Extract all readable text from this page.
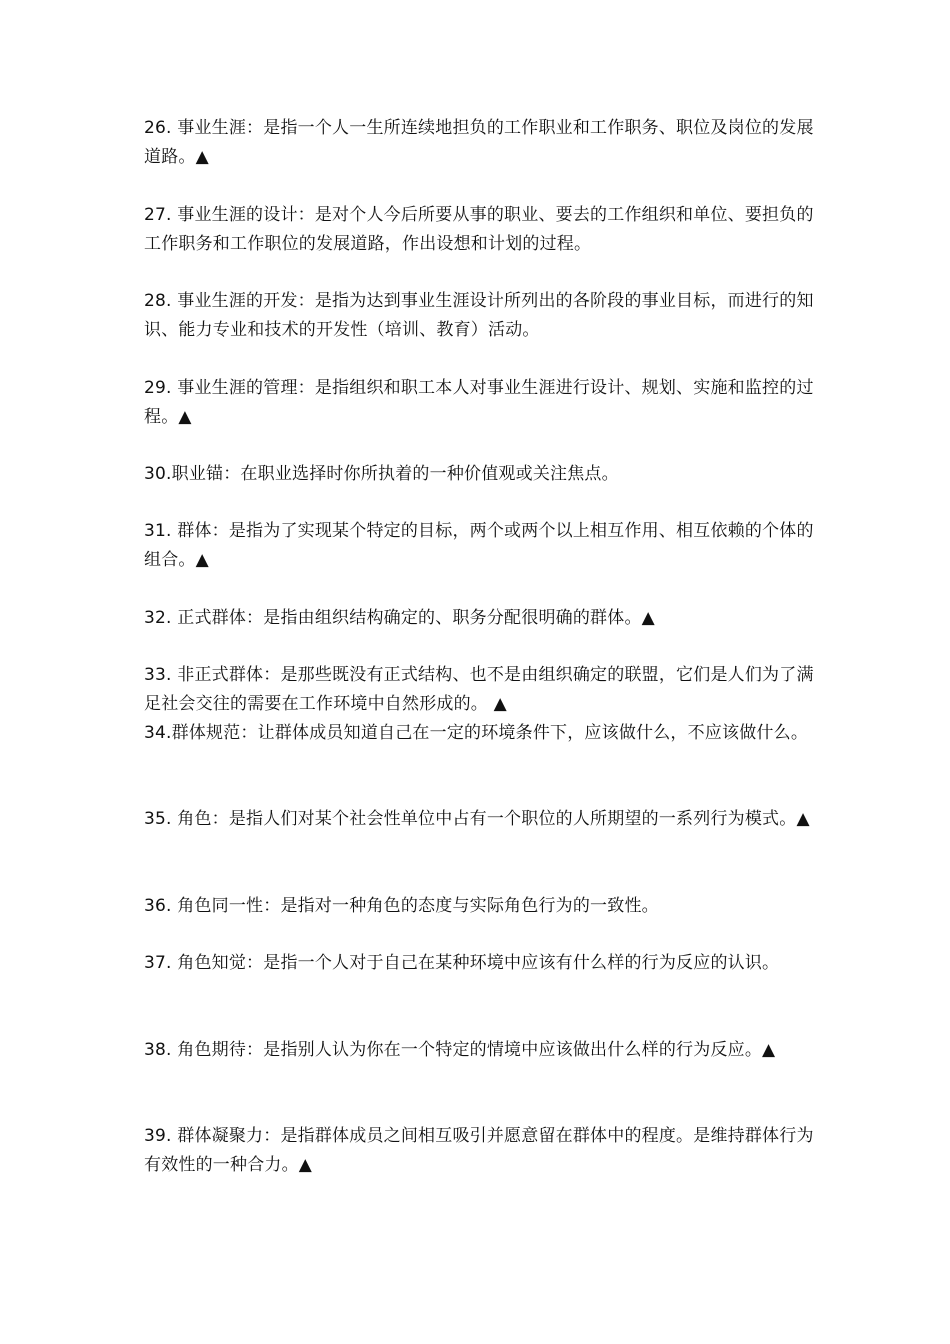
26. 事业生涯：是指一个人一生所连续地担负的工作职业和工作职务、职位及岗位的发展道路。▲

27. 事业生涯的设计：是对个人今后所要从事的职业、要去的工作组织和单位、要担负的工作职务和工作职位的发展道路，作出设想和计划的过程。

28. 事业生涯的开发：是指为达到事业生涯设计所列出的各阶段的事业目标，而进行的知识、能力专业和技术的开发性（培训、教育）活动。

29. 事业生涯的管理：是指组织和职工本人对事业生涯进行设计、规划、实施和监控的过程。▲

30.职业锚：在职业选择时你所执着的一种价值观或关注焦点。

31. 群体：是指为了实现某个特定的目标，两个或两个以上相互作用、相互依赖的个体的组合。▲

32. 正式群体：是指由组织结构确定的、职务分配很明确的群体。▲

33. 非正式群体：是那些既没有正式结构、也不是由组织确定的联盟，它们是人们为了满足社会交往的需要在工作环境中自然形成的。 ▲

34.群体规范：让群体成员知道自己在一定的环境条件下，应该做什么，不应该做什么。

35. 角色：是指人们对某个社会性单位中占有一个职位的人所期望的一系列行为模式。▲

36. 角色同一性：是指对一种角色的态度与实际角色行为的一致性。

37. 角色知觉：是指一个人对于自己在某种环境中应该有什么样的行为反应的认识。

38. 角色期待：是指别人认为你在一个特定的情境中应该做出什么样的行为反应。▲

39. 群体凝聚力：是指群体成员之间相互吸引并愿意留在群体中的程度。是维持群体行为有效性的一种合力。▲
